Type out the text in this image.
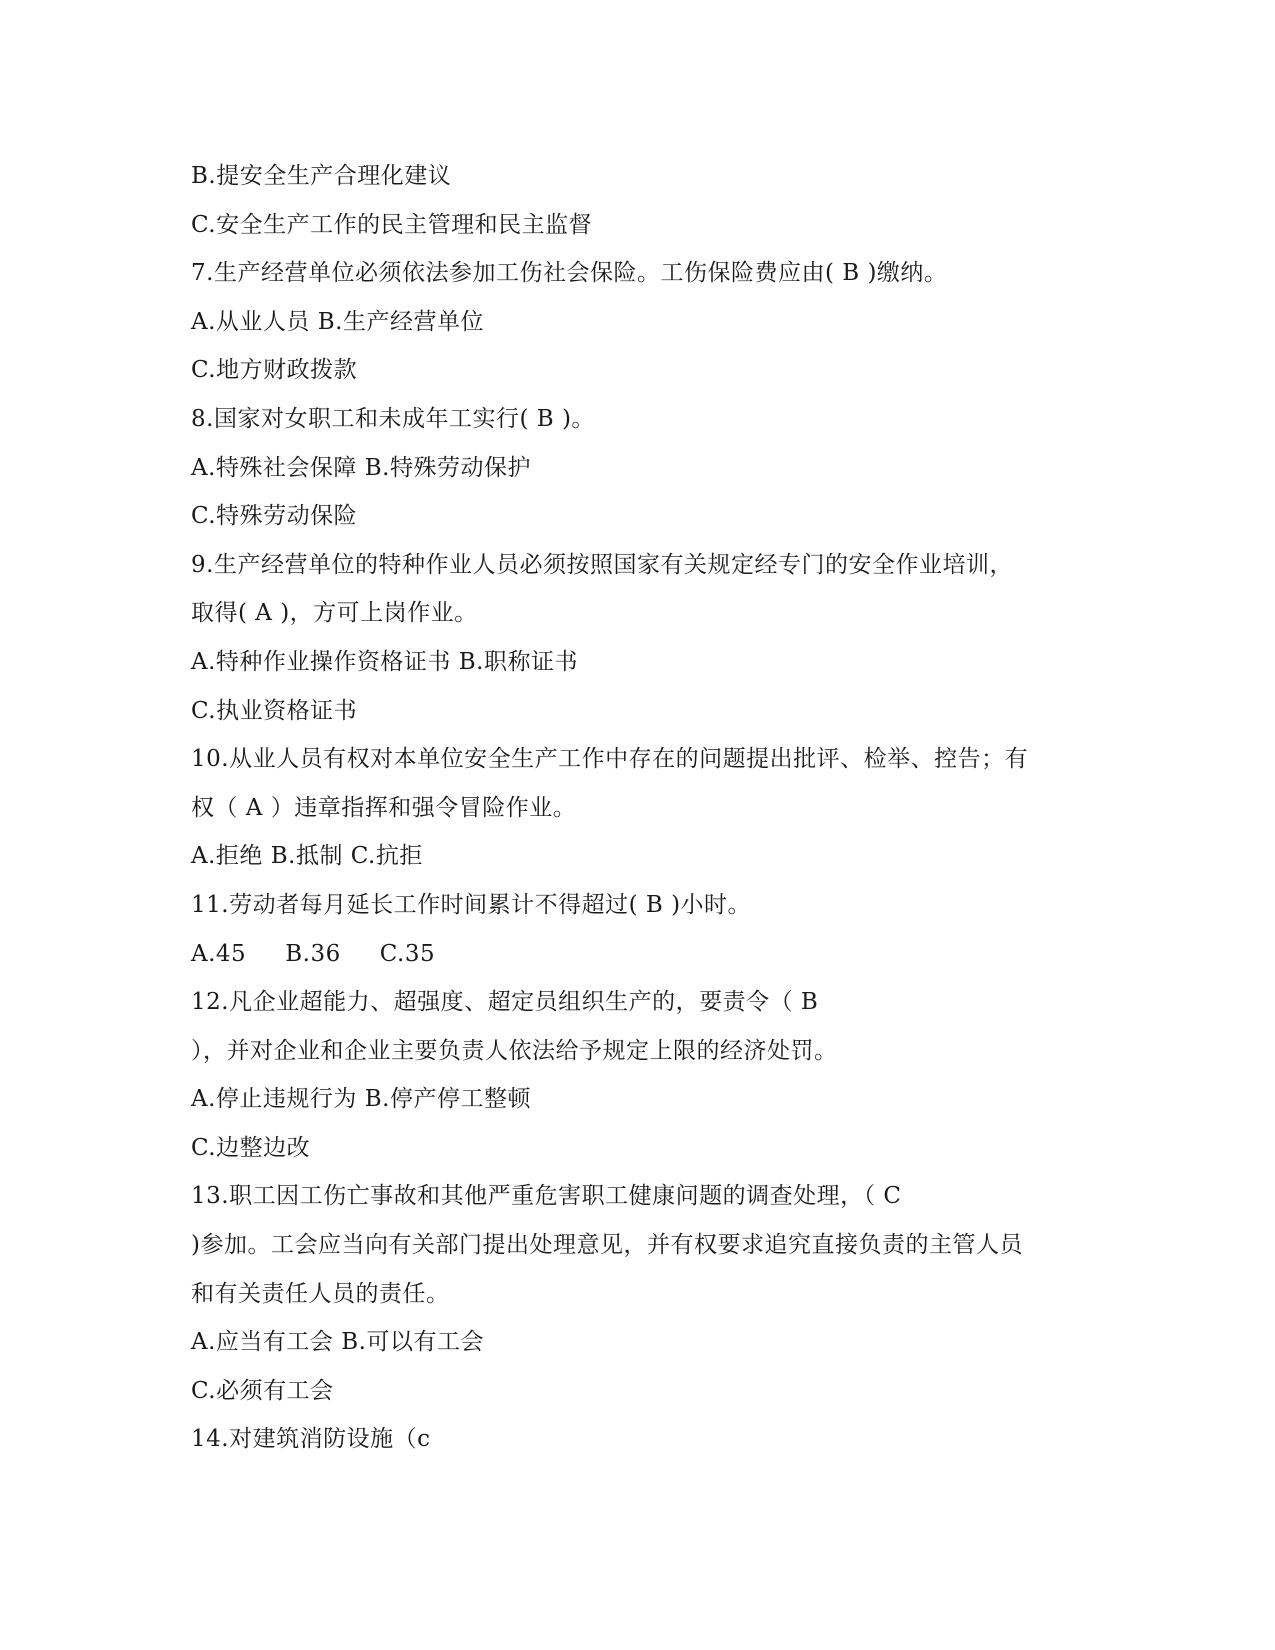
B.提安全生产合理化建议
C.安全生产工作的民主管理和民主监督
7.生产经营单位必须依法参加工伤社会保险。工伤保险费应由( B )缴纳。
A.从业人员 B.生产经营单位
C.地方财政拨款
8.国家对女职工和未成年工实行( B )。
A.特殊社会保障 B.特殊劳动保护
C.特殊劳动保险
9.生产经营单位的特种作业人员必须按照国家有关规定经专门的安全作业培训，
取得( A )，方可上岗作业。
A.特种作业操作资格证书 B.职称证书
C.执业资格证书
10.从业人员有权对本单位安全生产工作中存在的问题提出批评、检举、控告；有
权（ A ）违章指挥和强令冒险作业。
A.拒绝 B.抵制 C.抗拒
11.劳动者每月延长工作时间累计不得超过( B )小时。
A.45     B.36     C.35
12.凡企业超能力、超强度、超定员组织生产的，要责令（ B
），并对企业和企业主要负责人依法给予规定上限的经济处罚。
A.停止违规行为 B.停产停工整顿
C.边整边改
13.职工因工伤亡事故和其他严重危害职工健康问题的调查处理，（ C
)参加。工会应当向有关部门提出处理意见，并有权要求追究直接负责的主管人员
和有关责任人员的责任。
A.应当有工会 B.可以有工会
C.必须有工会
14.对建筑消防设施（c
